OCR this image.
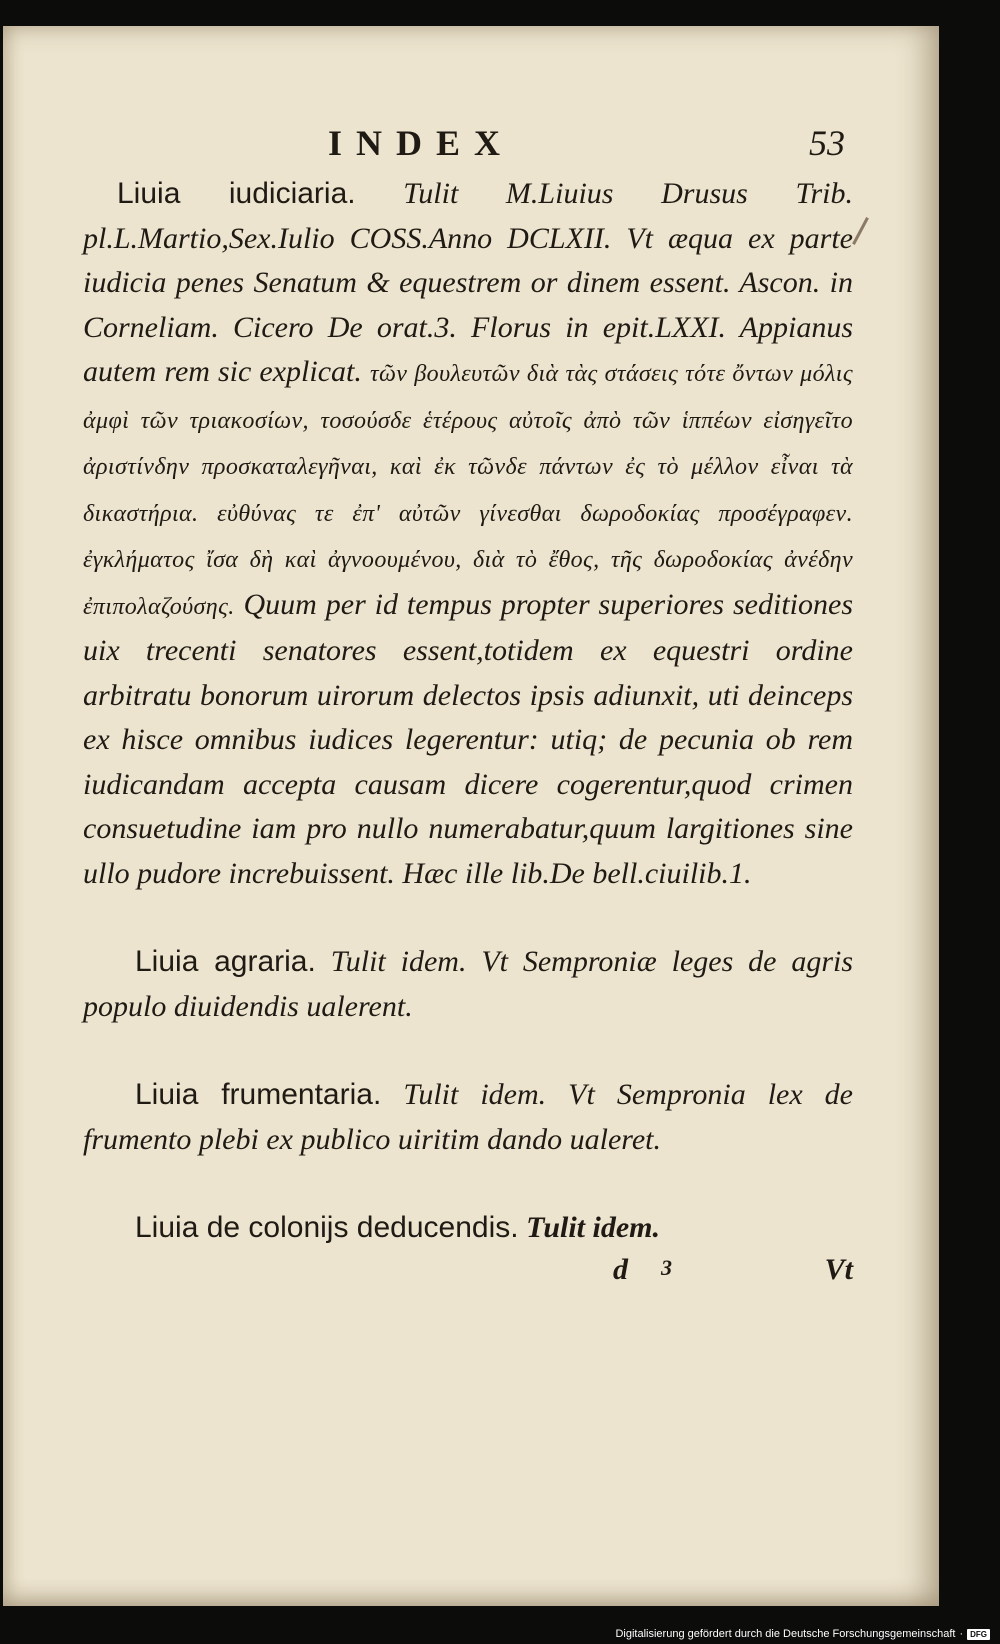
INDEX	53
Liuia iudiciaria. Tulit M.Liuius Drusus Trib. pl.L.Martio,Sex.Iulio COSS.Anno DCLXII. Vt æqua ex parte iudicia penes Senatum & equestrem or dinem essent. Ascon. in Corneliam. Cicero De orat.3. Florus in epit.LXXI. Appianus autem rem sic explicat. τῶν βουλευτῶν διὰ τὰς στάσεις τότε ὄντων μόλις ἀμφὶ τῶν τριακοσίων, τοσούσδε ἑτέρους αὐτοῖς ἀπὸ τῶν ἱππέων εἰσηγεῖτο ἀριστίνδην προσκαταλεγῆναι, καὶ ἐκ τῶνδε πάντων ἐς τὸ μέλλον εἶναι τὰ δικαστήρια. εὐθύνας τε ἐπ' αὐτῶν γίνεσθαι δωροδοκίας προσέγραφεν. ἐγκλήματος ἴσα δὴ καὶ ἀγνοουμένου, διὰ τὸ ἔθος, τῆς δωροδοκίας ἀνέδην ἐπιπολαζούσης. Quum per id tempus propter superiores seditiones uix trecenti senatores essent,totidem ex equestri ordine arbitratu bonorum uirorum delectos ipsis adiunxit, uti deinceps ex hisce omnibus iudices legerentur: utiq; de pecunia ob rem iudicandam accepta causam dicere cogerentur,quod crimen consuetudine iam pro nullo numerabatur,quum largitiones sine ullo pudore increbuissent. Hæc ille lib.De bell.ciuilib.1.
Liuia agraria. Tulit idem. Vt Semproniæ leges de agris populo diuidendis ualerent.
Liuia frumentaria. Tulit idem. Vt Sempronia lex de frumento plebi ex publico uiritim dando ualeret.
Liuia de colonijs deducendis. Tulit idem.
d 3	Vt
Digitalisierung gefördert durch die Deutsche Forschungsgemeinschaft · DFG
